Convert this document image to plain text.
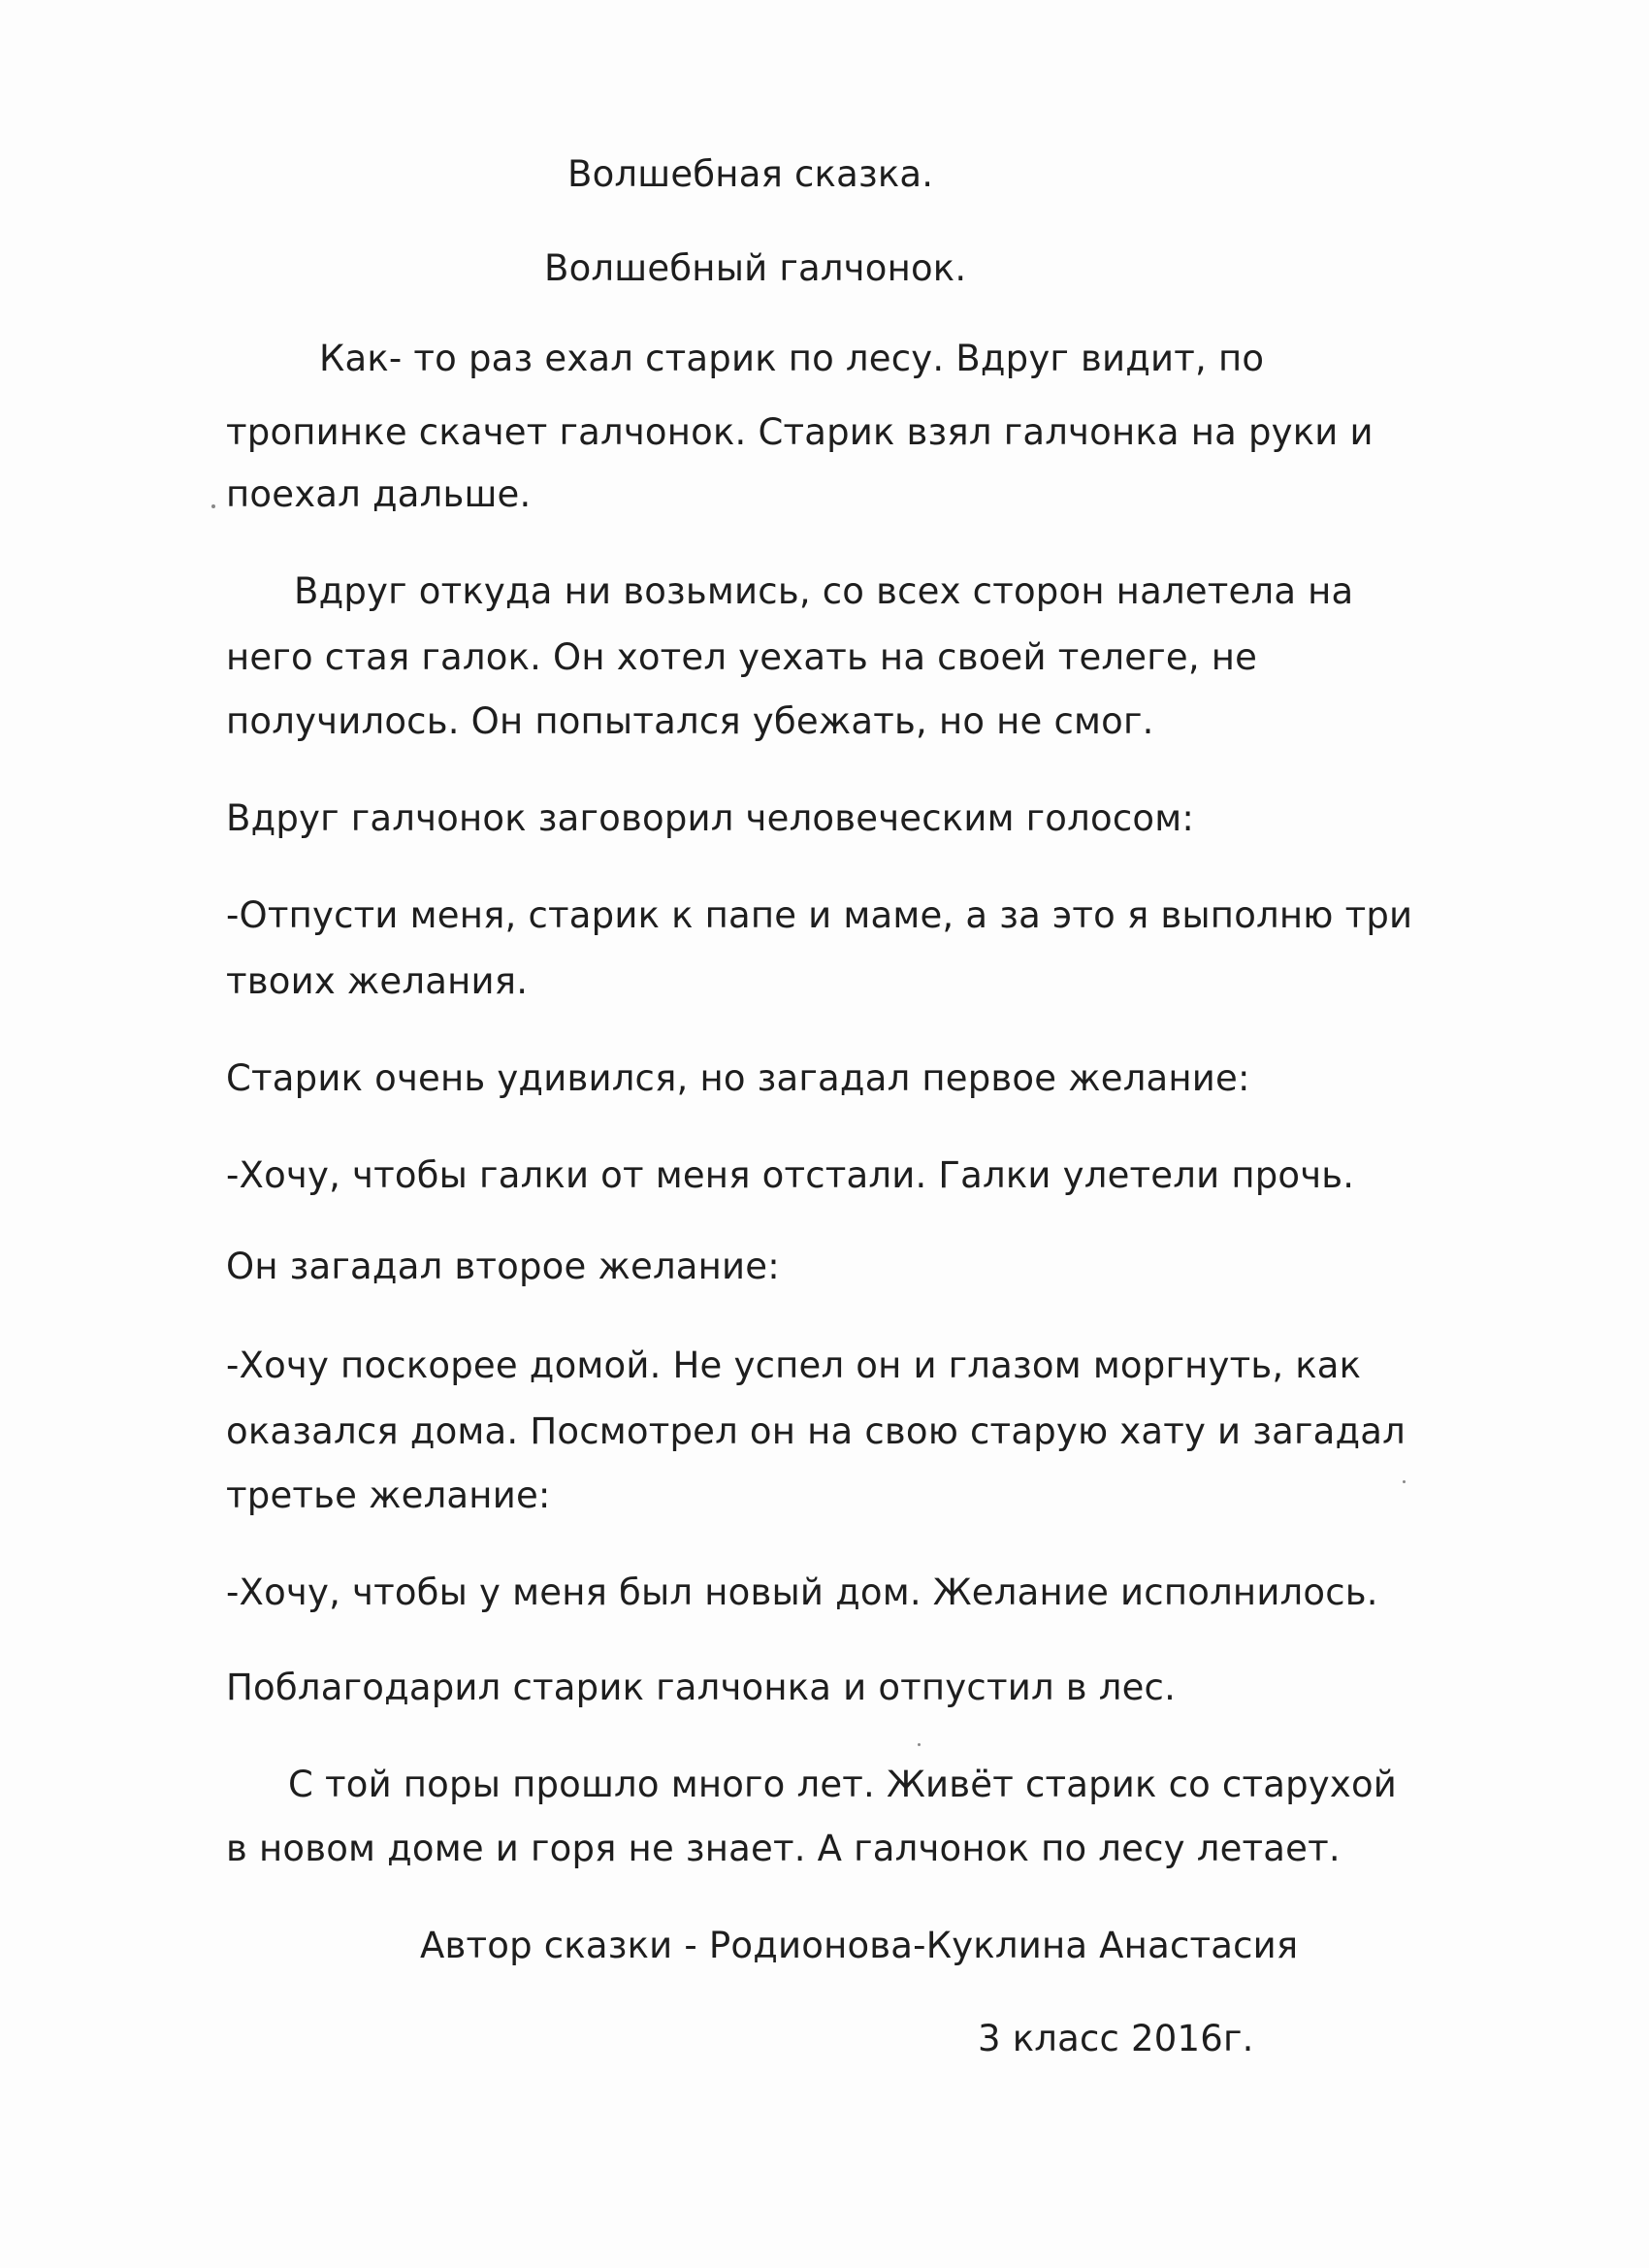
Волшебная сказка.
Волшебный галчонок.
Как- то раз ехал старик по лесу. Вдруг видит, по
тропинке скачет галчонок. Старик взял галчонка на руки и
поехал дальше.
Вдруг откуда ни возьмись, со всех сторон налетела на
него стая галок. Он хотел уехать на своей телеге, не
получилось. Он попытался убежать, но не смог.
Вдруг галчонок заговорил человеческим голосом:
-Отпусти меня, старик к папе и маме, а за это я выполню три
твоих желания.
Старик очень удивился, но загадал первое желание:
-Хочу, чтобы галки от меня отстали. Галки улетели прочь.
Он загадал второе желание:
-Хочу поскорее домой. Не успел он и глазом моргнуть, как
оказался дома. Посмотрел он на свою старую хату и загадал
третье желание:
-Хочу, чтобы у меня был новый дом. Желание исполнилось.
Поблагодарил старик галчонка и отпустил в лес.
С той поры прошло много лет. Живёт старик со старухой
в новом доме и горя не знает. А галчонок по лесу летает.
Автор сказки - Родионова-Куклина Анастасия
3 класс 2016г.
